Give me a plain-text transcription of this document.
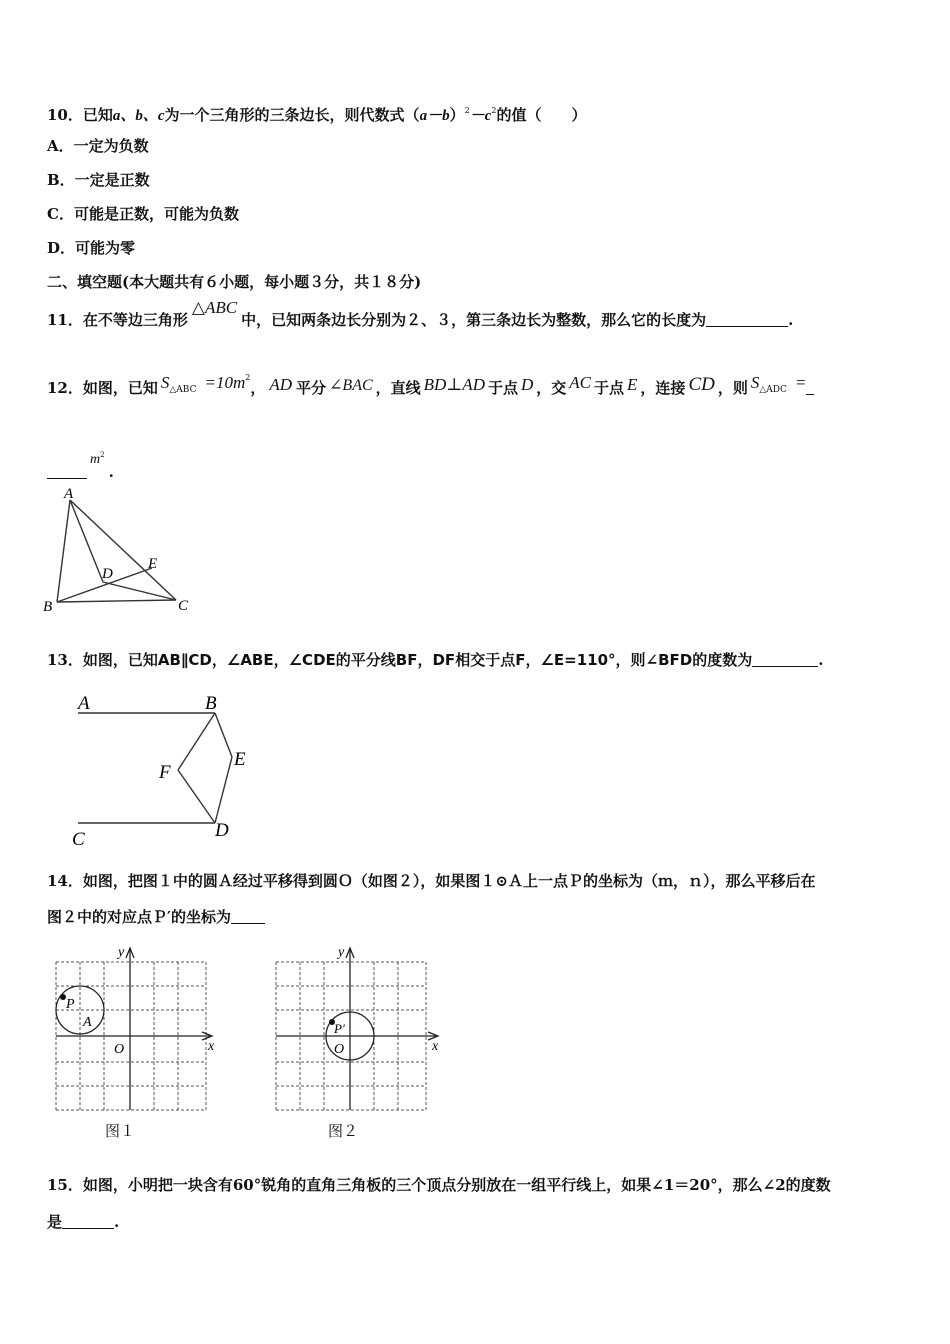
10．已知a、b、c为一个三角形的三条边长，则代数式$(a-b)^2-c^2$的值（　　）
A．一定为负数
B．一定是正数
C．可能是正数，可能为负数
D．可能为零
二、填空题(本大题共有６小题，每小题３分，共１８分)
11．在不等边三角形△ABC中，已知两条边长分别为２、３，第三条边长为整数，那么它的长度为	.
12．如图，已知 S△ABC $=10m^2$， AD 平分 ∠BAC ，直线 BD⊥AD 于点 D ，交 AC 于点 E ，连接 CD ，则 S△ADC =
$m^2$.
A
B	C
D
E
13．如图，已知AB∥CD，∠ABE，∠CDE的平分线BF，DF相交于点F，∠E=110°，则∠BFD的度数为	.
A	B
C	D
E
F
14．如图，把图１中的圆Ａ经过平移得到圆Ｏ（如图２），如果图１⊙Ａ上一点Ｐ的坐标为（ｍ，ｎ），那么平移后在
图２中的对应点Ｐ′的坐标为
y
x
O
P
A
图１
y
x
O
P′
图２
15．如图，小明把一块含有60°锐角的直角三角板的三个顶点分别放在一组平行线上，如果∠1＝20°，那么∠2的度数
是	.
